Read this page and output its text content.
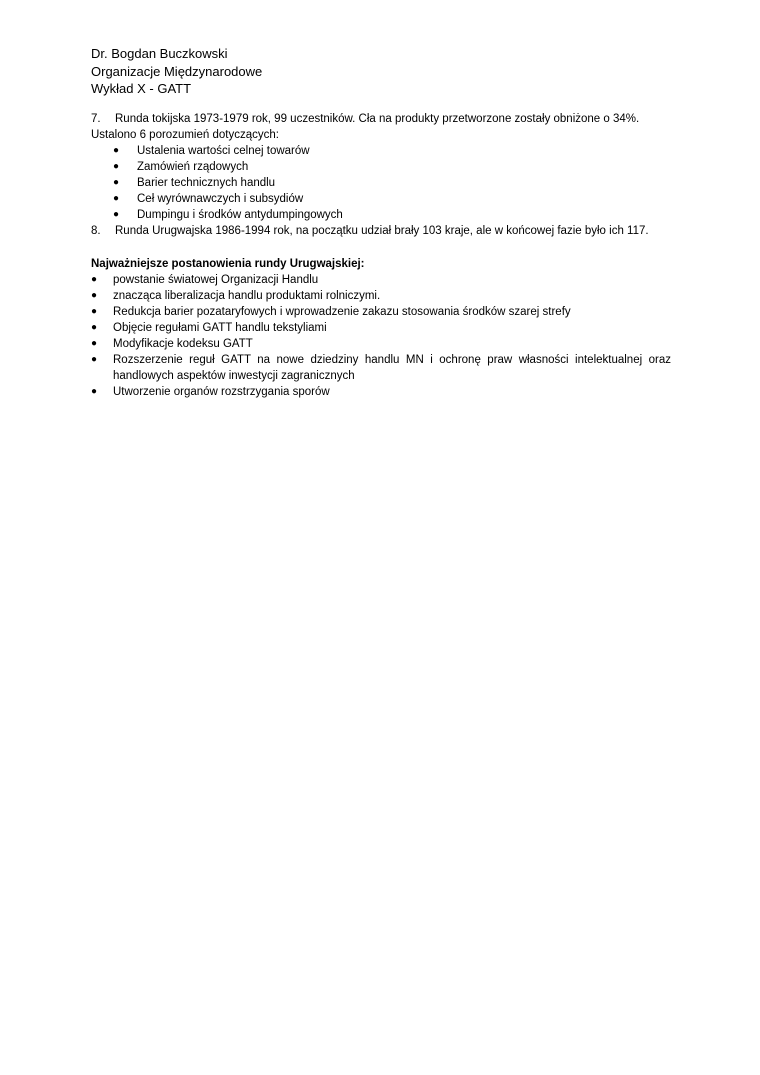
Dr. Bogdan Buczkowski

Organizacje Międzynarodowe

Wykład X - GATT

7.	Runda tokijska 1973-1979 rok, 99 uczestników. Cła na produkty przetworzone zostały obniżone o 34%.

Ustalono 6 porozumień dotyczących:

●	Ustalenia wartości celnej towarów
●	Zamówień rządowych
●	Barier technicznych handlu
●	Ceł wyrównawczych i subsydiów
●	Dumpingu i środków antydumpingowych
8.	Runda Urugwajska 1986-1994 rok, na początku udział brały 103 kraje, ale w końcowej fazie było ich 117.

Najważniejsze postanowienia rundy Urugwajskiej:

●	powstanie światowej Organizacji Handlu
●	znacząca liberalizacja handlu produktami rolniczymi.
●	Redukcja barier pozataryfowych i wprowadzenie zakazu stosowania środków szarej strefy
●	Objęcie regułami GATT handlu tekstyliami
●	Modyfikacje kodeksu GATT
●	Rozszerzenie reguł GATT na nowe dziedziny handlu MN i ochronę praw własności intelektualnej oraz handlowych aspektów inwestycji zagranicznych
●	Utworzenie organów rozstrzygania sporów
